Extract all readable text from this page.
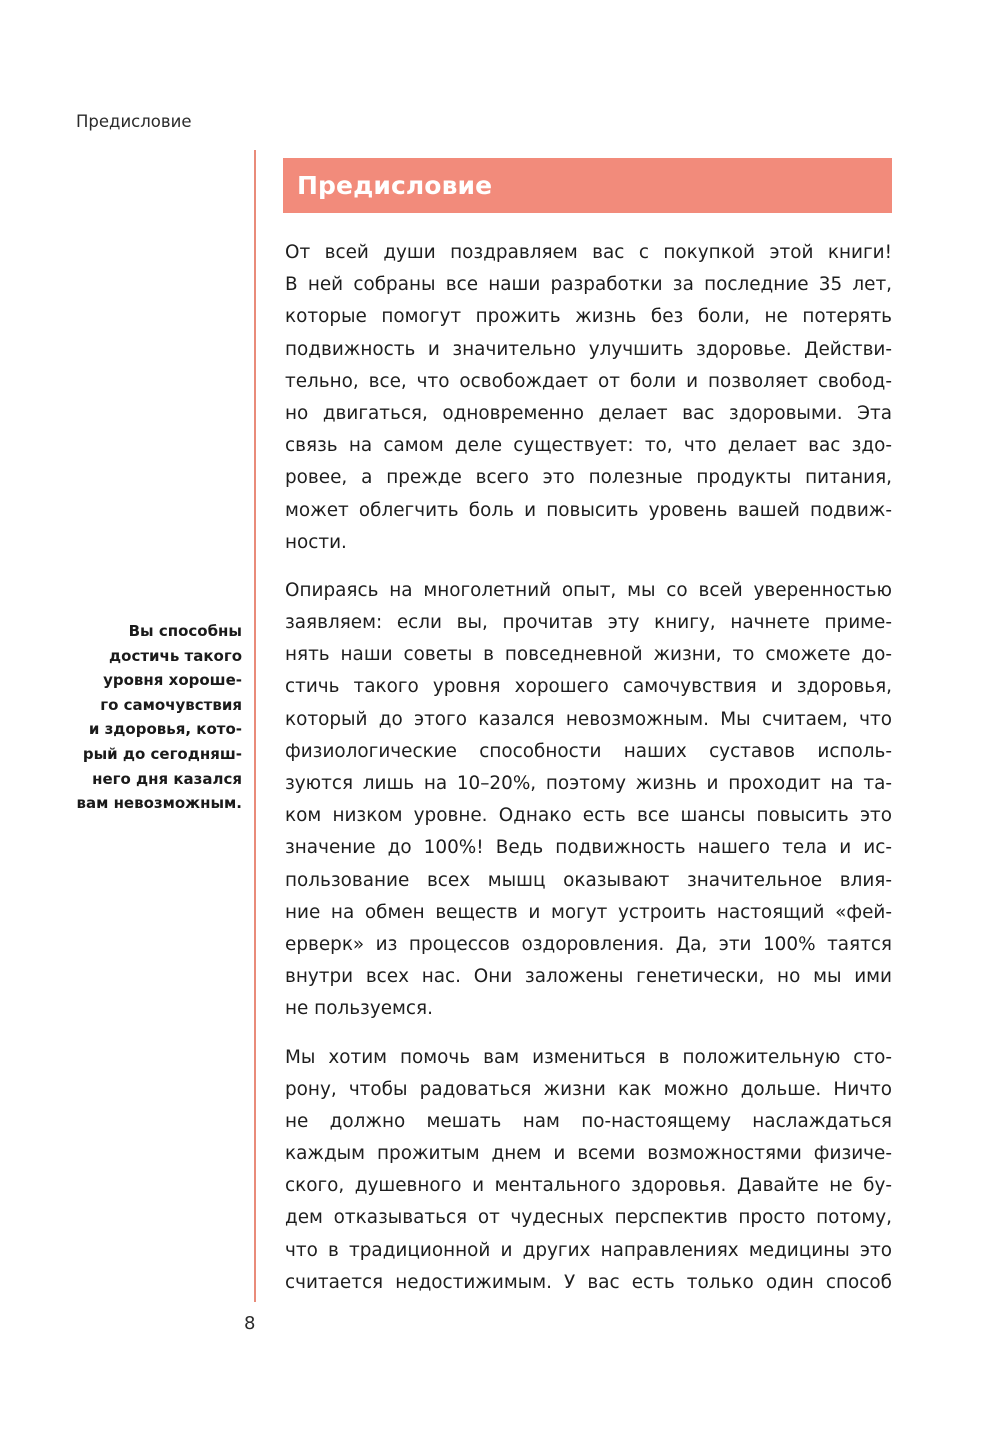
Предисловие
Предисловие
От всей души поздравляем вас с покупкой этой книги!
В ней собраны все наши разработки за последние 35 лет,
которые помогут прожить жизнь без боли, не потерять
подвижность и значительно улучшить здоровье. Действи-
тельно, все, что освобождает от боли и позволяет свобод-
но двигаться, одновременно делает вас здоровыми. Эта
связь на самом деле существует: то, что делает вас здо-
ровее, а прежде всего это полезные продукты питания,
может облегчить боль и повысить уровень вашей подвиж-
ности.
Опираясь на многолетний опыт, мы со всей уверенностью
заявляем: если вы, прочитав эту книгу, начнете приме-
нять наши советы в повседневной жизни, то сможете до-
стичь такого уровня хорошего самочувствия и здоровья,
который до этого казался невозможным. Мы считаем, что
физиологические способности наших суставов исполь-
зуются лишь на 10–20%, поэтому жизнь и проходит на та-
ком низком уровне. Однако есть все шансы повысить это
значение до 100%! Ведь подвижность нашего тела и ис-
пользование всех мышц оказывают значительное влия-
ние на обмен веществ и могут устроить настоящий «фей-
ерверк» из процессов оздоровления. Да, эти 100% таятся
внутри всех нас. Они заложены генетически, но мы ими
не пользуемся.
Мы хотим помочь вам измениться в положительную сто-
рону, чтобы радоваться жизни как можно дольше. Ничто
не должно мешать нам по-настоящему наслаждаться
каждым прожитым днем и всеми возможностями физиче-
ского, душевного и ментального здоровья. Давайте не бу-
дем отказываться от чудесных перспектив просто потому,
что в традиционной и других направлениях медицины это
считается недостижимым. У вас есть только один способ
Вы способны
достичь такого
уровня хороше-
го самочувствия
и здоровья, кото-
рый до сегодняш-
него дня казался
вам невозможным.
8
